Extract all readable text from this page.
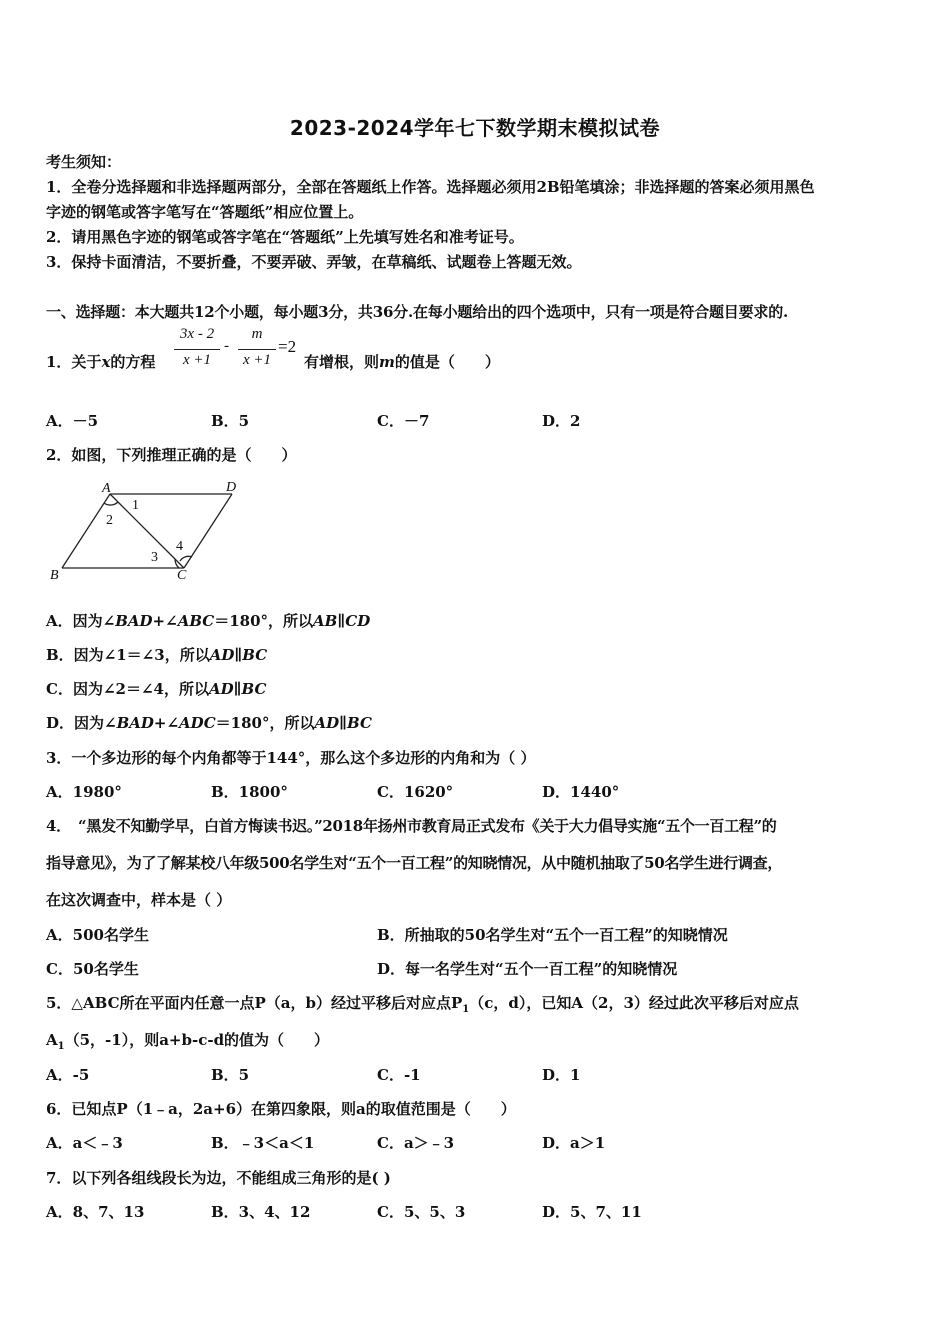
2023-2024学年七下数学期末模拟试卷
考生须知：
1．全卷分选择题和非选择题两部分，全部在答题纸上作答。选择题必须用2B铅笔填涂；非选择题的答案必须用黑色
字迹的钢笔或答字笔写在“答题纸”相应位置上。
2．请用黑色字迹的钢笔或答字笔在“答题纸”上先填写姓名和准考证号。
3．保持卡面清洁，不要折叠，不要弄破、弄皱，在草稿纸、试题卷上答题无效。
一、选择题：本大题共12个小题，每小题3分，共36分.在每小题给出的四个选项中，只有一项是符合题目要求的.
1．关于x的方程
3x - 2
x +1
-
m
x +1
=2
有增根，则m的值是（　　）
A．－5	B．5	C．－7	D．2
2．如图，下列推理正确的是（　　）
A	D
B	C
1
2
3
4
A．因为∠BAD+∠ABC＝180°，所以AB∥CD
B．因为∠1＝∠3，所以AD∥BC
C．因为∠2＝∠4，所以AD∥BC
D．因为∠BAD+∠ADC＝180°，所以AD∥BC
3．一个多边形的每个内角都等于144°，那么这个多边形的内角和为（ ）
A．1980°	B．1800°	C．1620°	D．1440°
4．　“黑发不知勤学早，白首方悔读书迟。”2018年扬州市教育局正式发布《关于大力倡导实施“五个一百工程”的
指导意见》，为了了解某校八年级500名学生对“五个一百工程”的知晓情况，从中随机抽取了50名学生进行调查，
在这次调查中，样本是（ ）
A．500名学生	B．所抽取的50名学生对“五个一百工程”的知晓情况
C．50名学生	D．每一名学生对“五个一百工程”的知晓情况
5．△ABC所在平面内任意一点P（a，b）经过平移后对应点$P_1(c$，d），已知A（2，3）经过此次平移后对应点
$A_1(5$，-1），则a+b-c-d的值为（　　）
A．-5	B．5	C．-1	D．1
6．已知点P（1﹣a，2a+6）在第四象限，则a的取值范围是（　　）
A．a＜﹣3	B．﹣3＜a＜1	C．a＞﹣3	D．a＞1
7．以下列各组线段长为边，不能组成三角形的是( )
A．8、7、13	B．3、4、12	C．5、5、3	D．5、7、11
